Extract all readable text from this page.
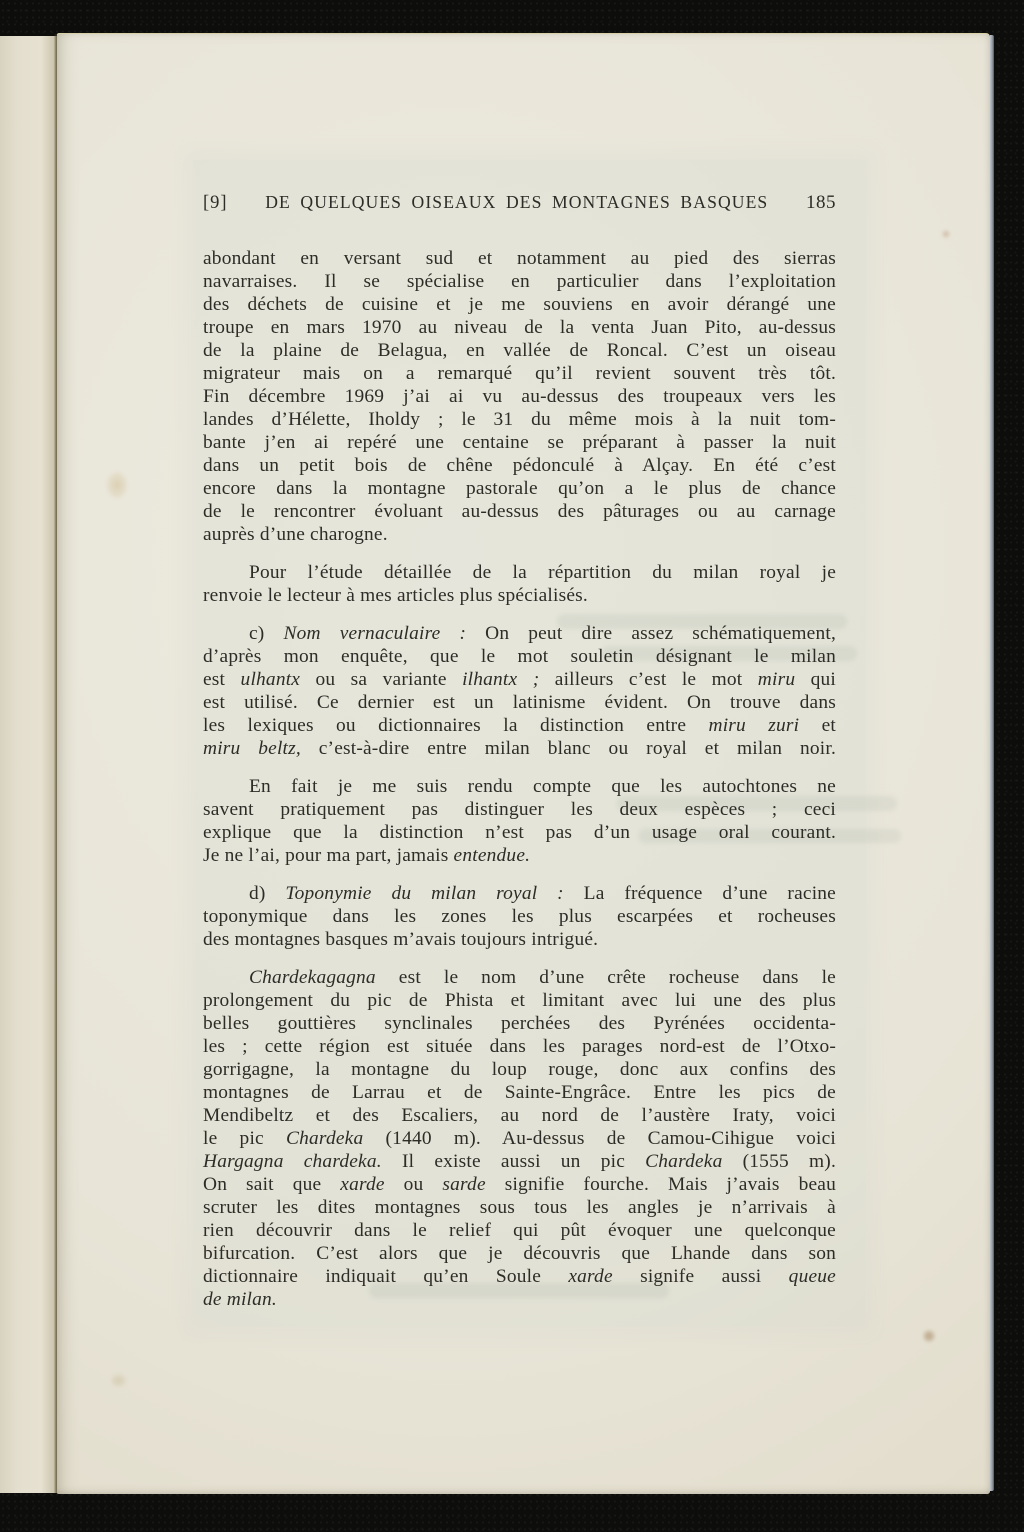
[9]	DE QUELQUES OISEAUX DES MONTAGNES BASQUES	185
abondant en versant sud et notamment au pied des sierras
navarraises. Il se spécialise en particulier dans l’exploitation
des déchets de cuisine et je me souviens en avoir dérangé une
troupe en mars 1970 au niveau de la venta Juan Pito, au-dessus
de la plaine de Belagua, en vallée de Roncal. C’est un oiseau
migrateur mais on a remarqué qu’il revient souvent très tôt.
Fin décembre 1969 j’ai ai vu au-dessus des troupeaux vers les
landes d’Hélette, Iholdy ; le 31 du même mois à la nuit tom-
bante j’en ai repéré une centaine se préparant à passer la nuit
dans un petit bois de chêne pédonculé à Alçay. En été c’est
encore dans la montagne pastorale qu’on a le plus de chance
de le rencontrer évoluant au-dessus des pâturages ou au carnage
auprès d’une charogne.
Pour l’étude détaillée de la répartition du milan royal je
renvoie le lecteur à mes articles plus spécialisés.
c) Nom vernaculaire : On peut dire assez schématiquement,
d’après mon enquête, que le mot souletin désignant le milan
est ulhantx ou sa variante ilhantx ; ailleurs c’est le mot miru qui
est utilisé. Ce dernier est un latinisme évident. On trouve dans
les lexiques ou dictionnaires la distinction entre miru zuri et
miru beltz, c’est-à-dire entre milan blanc ou royal et milan noir.
En fait je me suis rendu compte que les autochtones ne
savent pratiquement pas distinguer les deux espèces ; ceci
explique que la distinction n’est pas d’un usage oral courant.
Je ne l’ai, pour ma part, jamais entendue.
d) Toponymie du milan royal : La fréquence d’une racine
toponymique dans les zones les plus escarpées et rocheuses
des montagnes basques m’avais toujours intrigué.
Chardekagagna est le nom d’une crête rocheuse dans le
prolongement du pic de Phista et limitant avec lui une des plus
belles gouttières synclinales perchées des Pyrénées occidenta-
les ; cette région est située dans les parages nord-est de l’Otxo-
gorrigagne, la montagne du loup rouge, donc aux confins des
montagnes de Larrau et de Sainte-Engrâce. Entre les pics de
Mendibeltz et des Escaliers, au nord de l’austère Iraty, voici
le pic Chardeka (1440 m). Au-dessus de Camou-Cihigue voici
Hargagna chardeka. Il existe aussi un pic Chardeka (1555 m).
On sait que xarde ou sarde signifie fourche. Mais j’avais beau
scruter les dites montagnes sous tous les angles je n’arrivais à
rien découvrir dans le relief qui pût évoquer une quelconque
bifurcation. C’est alors que je découvris que Lhande dans son
dictionnaire indiquait qu’en Soule xarde signife aussi queue
de milan.
